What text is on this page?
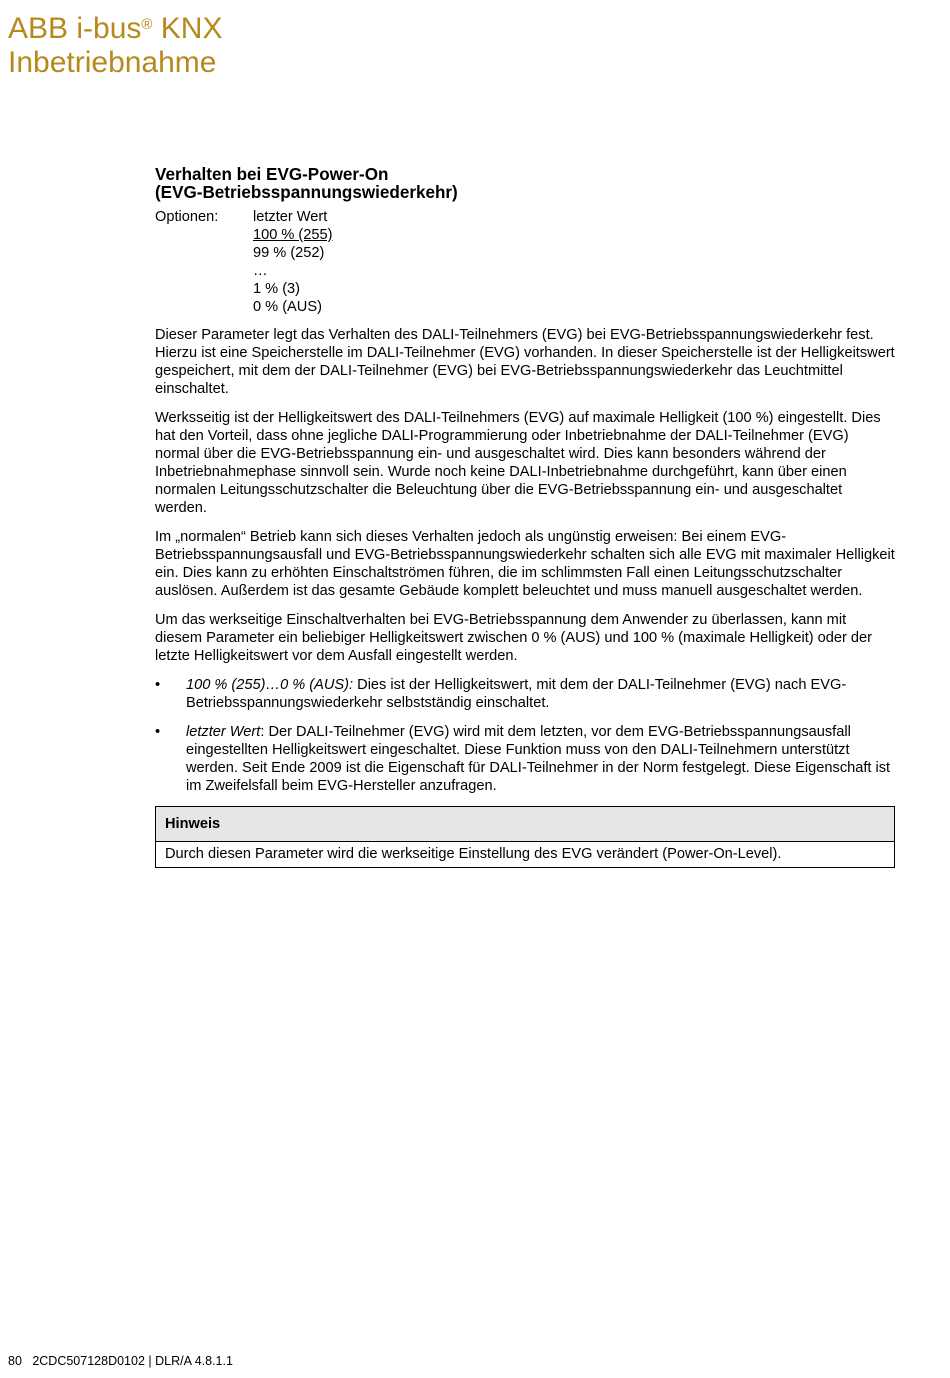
ABB i-bus® KNX
Inbetriebnahme
Verhalten bei EVG-Power-On
(EVG-Betriebsspannungswiederkehr)
Optionen:	letzter Wert
100 % (255)
99 % (252)
…
1 % (3)
0 % (AUS)

Dieser Parameter legt das Verhalten des DALI-Teilnehmers (EVG) bei EVG-Betriebsspannungswiederkehr fest. Hierzu ist eine Speicherstelle im DALI-Teilnehmer (EVG) vorhanden. In dieser Speicherstelle ist der Helligkeitswert gespeichert, mit dem der DALI-Teilnehmer (EVG) bei EVG-Betriebsspannungswiederkehr das Leuchtmittel einschaltet.

Werksseitig ist der Helligkeitswert des DALI-Teilnehmers (EVG) auf maximale Helligkeit (100 %) eingestellt. Dies hat den Vorteil, dass ohne jegliche DALI-Programmierung oder Inbetriebnahme der DALI-Teilnehmer (EVG) normal über die EVG-Betriebsspannung ein- und ausgeschaltet wird. Dies kann besonders während der Inbetriebnahmephase sinnvoll sein. Wurde noch keine DALI-Inbetriebnahme durchgeführt, kann über einen normalen Leitungsschutzschalter die Beleuchtung über die EVG-Betriebsspannung ein- und ausgeschaltet werden.

Im „normalen“ Betrieb kann sich dieses Verhalten jedoch als ungünstig erweisen: Bei einem EVG-Betriebsspannungsausfall und EVG-Betriebsspannungswiederkehr schalten sich alle EVG mit maximaler Helligkeit ein. Dies kann zu erhöhten Einschaltströmen führen, die im schlimmsten Fall einen Leitungsschutzschalter auslösen. Außerdem ist das gesamte Gebäude komplett beleuchtet und muss manuell ausgeschaltet werden.

Um das werkseitige Einschaltverhalten bei EVG-Betriebsspannung dem Anwender zu überlassen, kann mit diesem Parameter ein beliebiger Helligkeitswert zwischen 0 % (AUS) und 100 % (maximale Helligkeit) oder der letzte Helligkeitswert vor dem Ausfall eingestellt werden.

• 100 % (255)…0 % (AUS): Dies ist der Helligkeitswert, mit dem der DALI-Teilnehmer (EVG) nach EVG-Betriebsspannungswiederkehr selbstständig einschaltet.
• letzter Wert: Der DALI-Teilnehmer (EVG) wird mit dem letzten, vor dem EVG-Betriebsspannungsausfall eingestellten Helligkeitswert eingeschaltet. Diese Funktion muss von den DALI-Teilnehmern unterstützt werden. Seit Ende 2009 ist die Eigenschaft für DALI-Teilnehmer in der Norm festgelegt. Diese Eigenschaft ist im Zweifelsfall beim EVG-Hersteller anzufragen.
Hinweis
Durch diesen Parameter wird die werkseitige Einstellung des EVG verändert (Power-On-Level).
80   2CDC507128D0102 | DLR/A 4.8.1.1
